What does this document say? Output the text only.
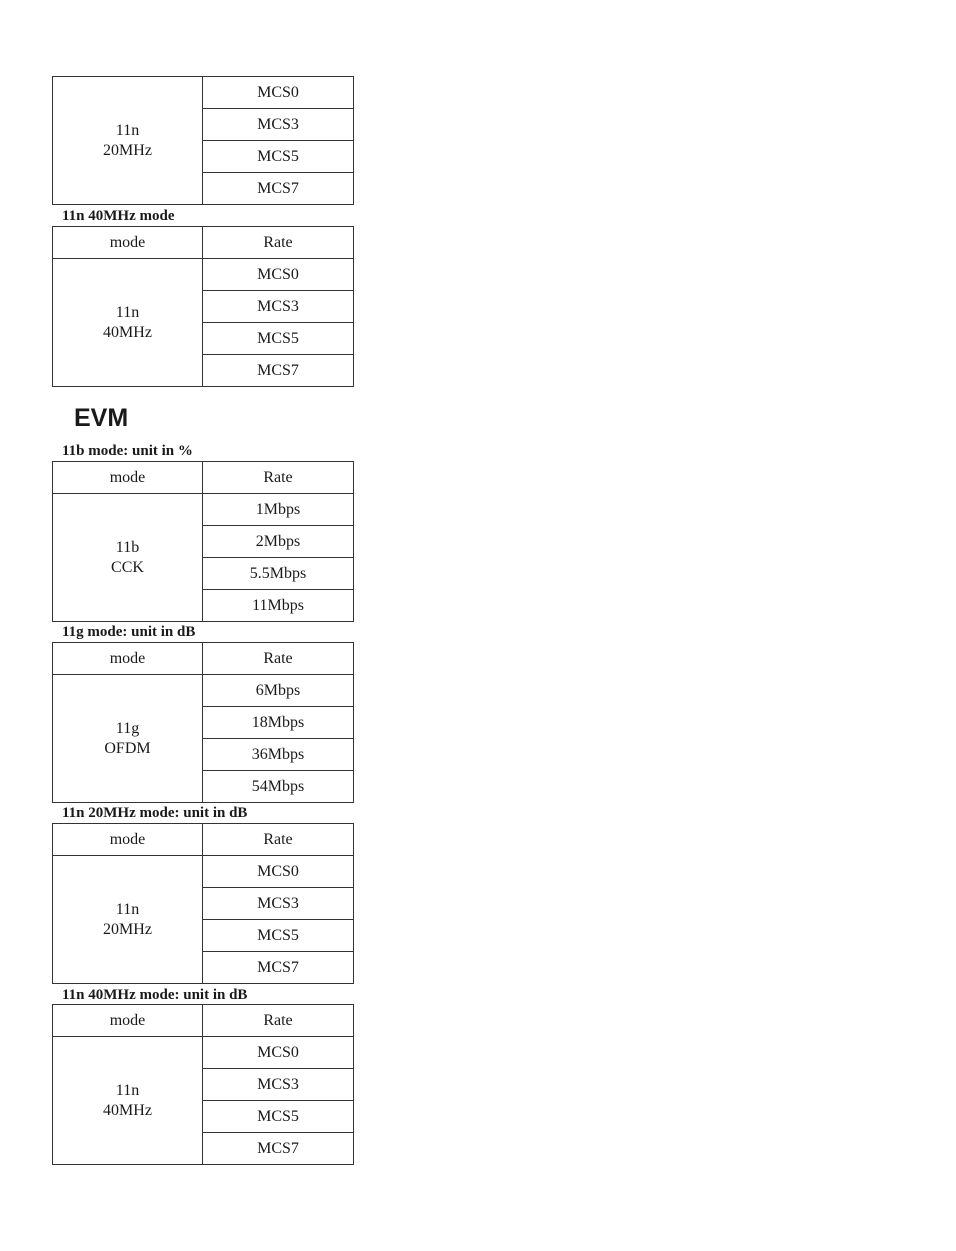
11n
20MHz
	MCS0
MCS3
MCS5
MCS7
11n 40MHz mode
mode	Rate

11n
40MHz	MCS0
	MCS3
	MCS5
	MCS7
EVM
11b mode: unit in %
mode	Rate

11b
CCK	1Mbps
	2Mbps
	5.5Mbps
	11Mbps
11g mode: unit in dB
mode	Rate

11g
OFDM	6Mbps
	18Mbps
	36Mbps
	54Mbps
11n 20MHz mode: unit in dB
mode	Rate

11n
20MHz	MCS0
	MCS3
	MCS5
	MCS7
11n 40MHz mode: unit in dB
mode	Rate

11n
40MHz	MCS0
	MCS3
	MCS5
	MCS7
